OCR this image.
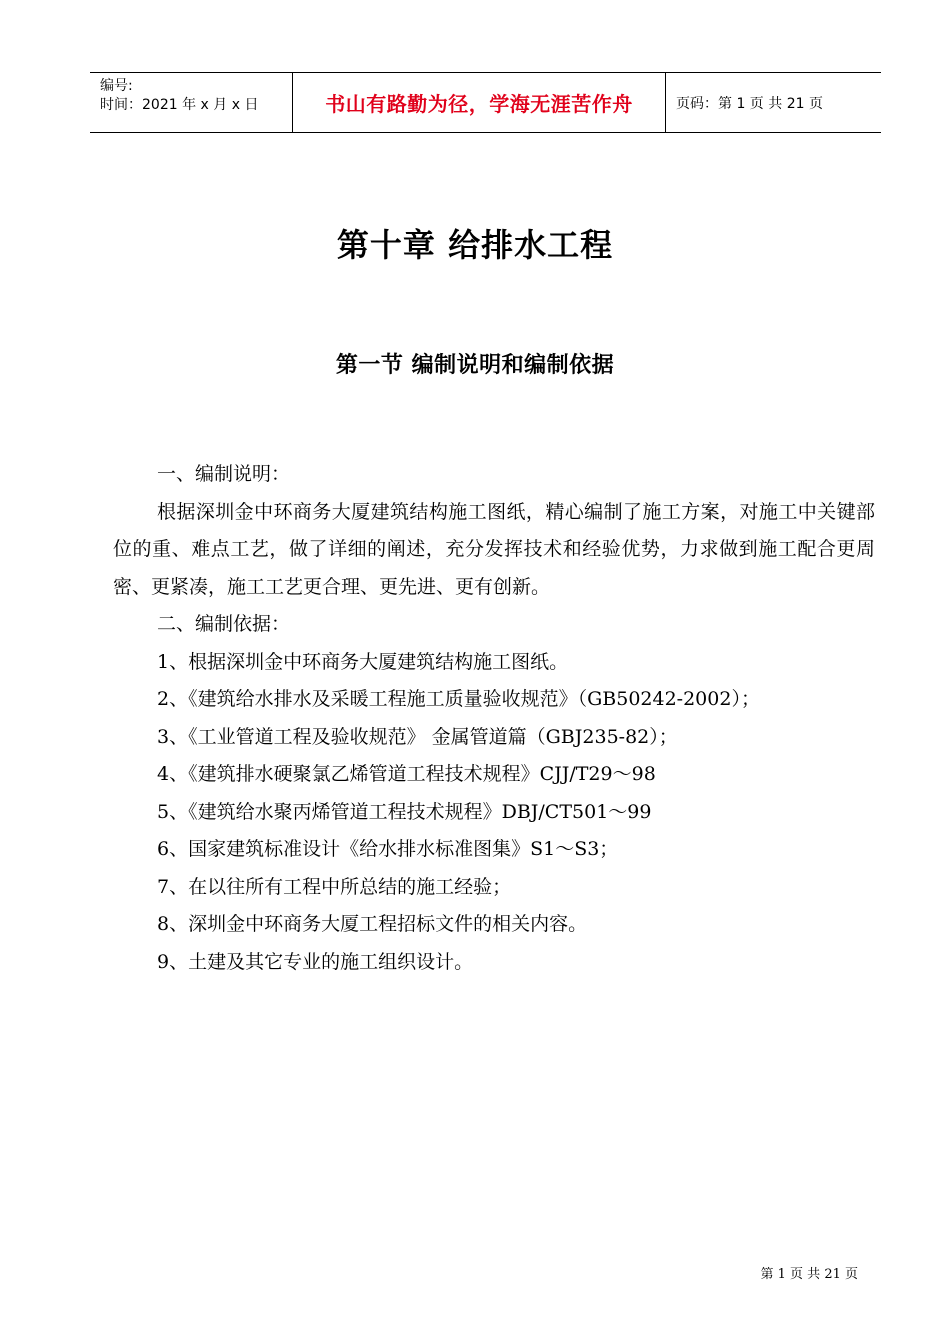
编号:
时间：2021 年 x 月 x 日	书山有路勤为径，学海无涯苦作舟	页码：第 1 页 共 21 页
第十章 给排水工程
第一节 编制说明和编制依据

一、编制说明：

根据深圳金中环商务大厦建筑结构施工图纸，精心编制了施工方案，对施工中关键部位的重、难点工艺，做了详细的阐述，充分发挥技术和经验优势，力求做到施工配合更周密、更紧凑，施工工艺更合理、更先进、更有创新。

二、编制依据：

1、根据深圳金中环商务大厦建筑结构施工图纸。

2、《建筑给水排水及采暖工程施工质量验收规范》（GB50242-2002）；

3、《工业管道工程及验收规范》 金属管道篇（GBJ235-82）；

4、《建筑排水硬聚氯乙烯管道工程技术规程》CJJ/T29～98

5、《建筑给水聚丙烯管道工程技术规程》DBJ/CT501～99

6、国家建筑标准设计《给水排水标准图集》S1～S3；

7、在以往所有工程中所总结的施工经验；

8、深圳金中环商务大厦工程招标文件的相关内容。

9、土建及其它专业的施工组织设计。

第 1 页 共 21 页
